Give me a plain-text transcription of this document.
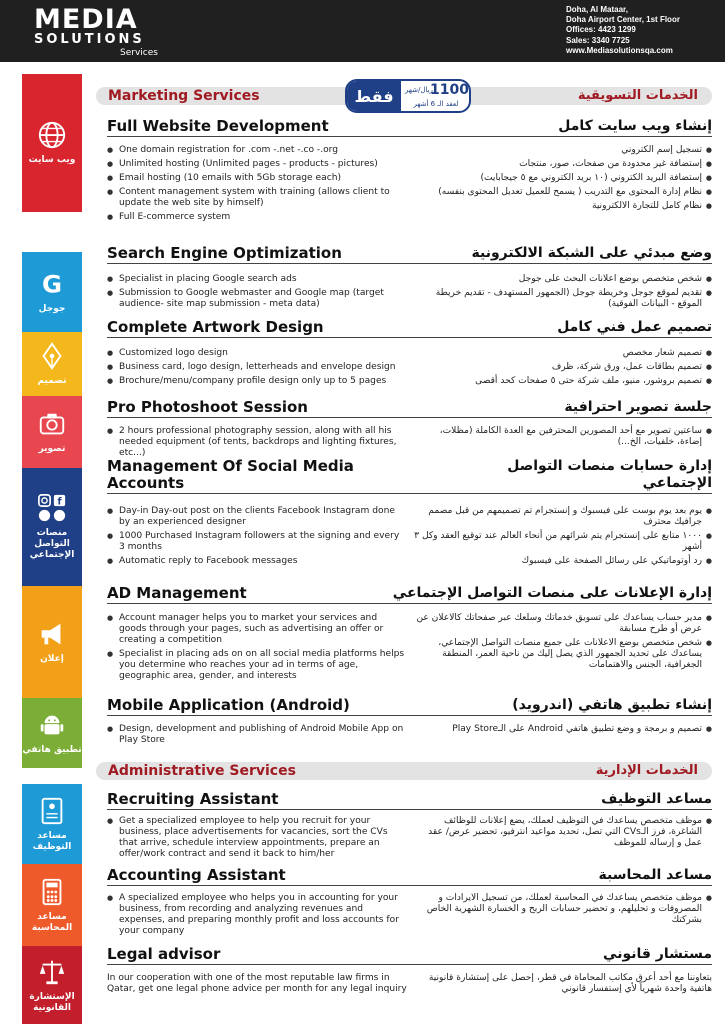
MEDIA
SOLUTIONS
Services
Doha, Al Mataar,
Doha Airport Center, 1st Floor
Offices: 4423 1299
Sales: 3340 7725
www.Mediasolutionsqa.com
ويب سايت
G
جوجل
تصميم
تصوير
f
منصات التواصل الإجتماعي
إعلان
تطبيق هاتفي
مساعد التوظيف
مساعد المحاسبة
الإستشارة القانونية
Marketing Services	الخدمات التسويقية
فقط	1100
ريال/شهر
لعقد الـ 6 أشهر
Full Website Development	إنشاء ويب سايت كامل
● One domain registration for .com -.net -.co -.org
● Unlimited hosting (Unlimited pages - products - pictures)
● Email hosting (10 emails with 5Gb storage each)
● Content management system with training (allows client to update the web site by himself)
● Full E-commerce system
● تسجيل إسم الكتروني
● إستضافة غير محدودة من صفحات، صور، منتجات
● إستضافة البريد الكتروني (١٠ بريد الكتروني مع ٥ جيجابايت)
● نظام إدارة المحتوى مع التدريب ( يسمح للعميل تعديل المحتوى بنفسه)
● نظام كامل للتجارة الالكترونية
Search Engine Optimization	وضع مبدئي على الشبكة الالكترونية
● Specialist in placing Google search ads
● Submission to Google webmaster and Google map (target audience- site map submission - meta data)
● شخص متخصص بوضع اعلانات البحث على جوجل
● تقديم لموقع جوجل وخريطة جوجل (الجمهور المستهدف - تقديم خريطة الموقع - البيانات الفوقية)
Complete Artwork Design	تصميم عمل فني كامل
● Customized logo design
● Business card, logo design, letterheads and envelope design
● Brochure/menu/company profile design only up to 5 pages
● تصميم شعار مخصص
● تصميم بطاقات عمل، ورق شركة، ظرف
● تصميم بروشور، منيو، ملف شركة حتى ٥ صفحات كحد أقصى
Pro Photoshoot Session	جلسة تصوير احترافية
● 2 hours professional photography session, along with all his needed equipment (of tents, backdrops and lighting fixtures, etc...)
● ساعتين تصوير مع أحد المصورين المحترفين مع العدة الكاملة (مظلات، إضاءة، خلفيات، الخ...)
Management Of Social Media Accounts
إدارة حسابات منصات التواصل الإجتماعي
● Day-in Day-out post on the clients Facebook Instagram done by an experienced designer
● 1000 Purchased Instagram followers at the signing and every 3 months
● Automatic reply to Facebook messages
● يوم بعد يوم بوست على فيسبوك و إنستجرام تم تصميمهم من قبل مصمم جرافيك محترف
● ١٠٠٠ متابع على إنستجرام يتم شرائهم من أنحاء العالم عند توقيع العقد وكل ٣ أشهر
● رد أوتوماتيكي على رسائل الصفحة على فيسبوك
AD Management	إدارة الإعلانات على منصات التواصل الإجتماعي
● Account manager helps you to market your services and goods through your pages, such as advertising an offer or creating a competition
● Specialist in placing ads on on all social media platforms helps you determine who reaches your ad in terms of age, geographic area, gender, and interests
● مدير حساب يساعدك على تسويق خدماتك وسلعك عبر صفحاتك كالاعلان عن عرض أو طرح مسابقة
● شخص متخصص بوضع الاعلانات على جميع منصات التواصل الإجتماعي، يساعدك على تحديد الجمهور الذي يصل إليك من ناحية العمر، المنطقة الجغرافية، الجنس والاهتمامات
Mobile Application (Android)	إنشاء تطبيق هاتفي (اندرويد)
● Design, development and publishing of Android Mobile App on Play Store
● تصميم و برمجة و وضع تطبيق هاتفي Android على الـPlay Store
Administrative Services	الخدمات الإدارية
Recruiting Assistant	مساعد التوظيف
● Get a specialized employee to help you recruit for your business, place advertisements for vacancies, sort the CVs that arrive, schedule interview appointments, prepare an offer/work contract and send it back to him/her
● موظف متخصص يساعدك في التوظيف لعملك، يضع إعلانات للوظائف الشاغرة، فرز الـCVs التي تصل، تحديد مواعيد انترفيو، تحضير عرض/ عقد عمل و إرساله للموظف
Accounting Assistant	مساعد المحاسبة
● A specialized employee who helps you in accounting for your business, from recording and analyzing revenues and expenses, and preparing monthly profit and loss accounts for your company
● موظف متخصص يساعدك في المحاسبة لعملك، من تسجيل الايرادات و المصروفات و تحليلهم، و تحضير حسابات الربح و الخسارة الشهرية الخاص بشركتك
Legal advisor	مستشار قانوني
In our cooperation with one of the most reputable law firms in Qatar, get one legal phone advice per month for any legal inquiry
بتعاوننا مع أحد أعرق مكاتب المحاماة في قطر، إحصل على إستشارة قانونية هاتفية واحدة شهرياً لأي إستفسار قانوني
